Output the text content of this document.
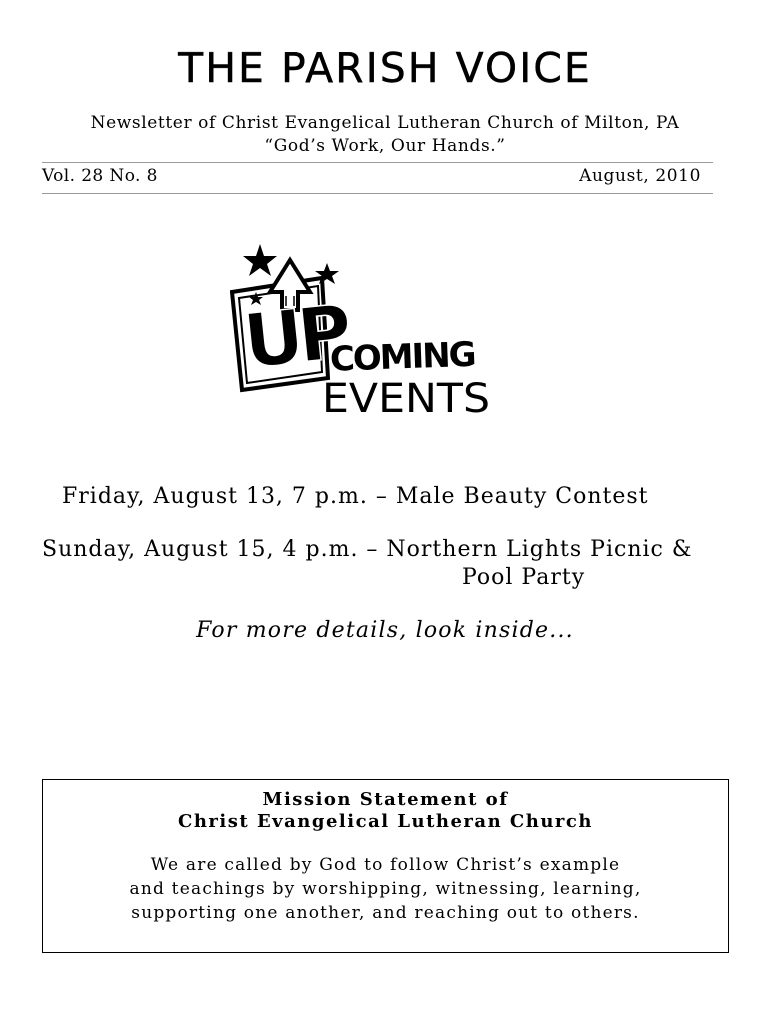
THE PARISH VOICE
Newsletter of Christ Evangelical Lutheran Church of Milton, PA
“God’s Work, Our Hands.”
Vol. 28 No. 8	August, 2010
UP
COMING
EVENTS
Friday, August 13, 7 p.m. – Male Beauty Contest
Sunday, August 15, 4 p.m. – Northern Lights Picnic &
Pool Party
For more details, look inside...
Mission Statement of
Christ Evangelical Lutheran Church
We are called by God to follow Christ’s example
and teachings by worshipping, witnessing, learning,
supporting one another, and reaching out to others.
